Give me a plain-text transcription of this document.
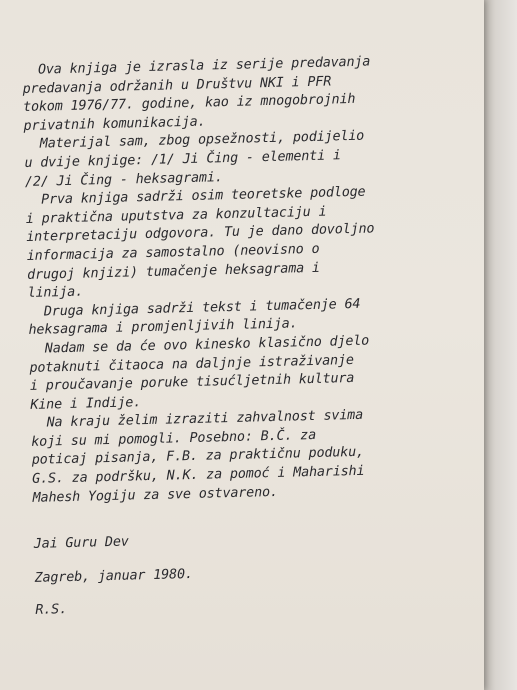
Ova knjiga je izrasla iz serije predavanja
predavanja održanih u Društvu NKI i PFR
tokom 1976/77. godine, kao iz mnogobrojnih
privatnih komunikacija.
Materijal sam, zbog opsežnosti, podijelio
u dvije knjige: /1/ Ji Čing - elementi i
/2/ Ji Čing - heksagrami.
Prva knjiga sadrži osim teoretske podloge
i praktična uputstva za konzultaciju i
interpretaciju odgovora. Tu je dano dovoljno
informacija za samostalno (neovisno o
drugoj knjizi) tumačenje heksagrama i
linija.
Druga knjiga sadrži tekst i tumačenje 64
heksagrama i promjenljivih linija.
Nadam se da će ovo kinesko klasično djelo
potaknuti čitaoca na daljnje istraživanje
i proučavanje poruke tisućljetnih kultura
Kine i Indije.
Na kraju želim izraziti zahvalnost svima
koji su mi pomogli. Posebno: B.Č. za
poticaj pisanja, F.B. za praktičnu poduku,
G.S. za podršku, N.K. za pomoć i Maharishi
Mahesh Yogiju za sve ostvareno.
Jai Guru Dev
Zagreb, januar 1980.
R.S.
